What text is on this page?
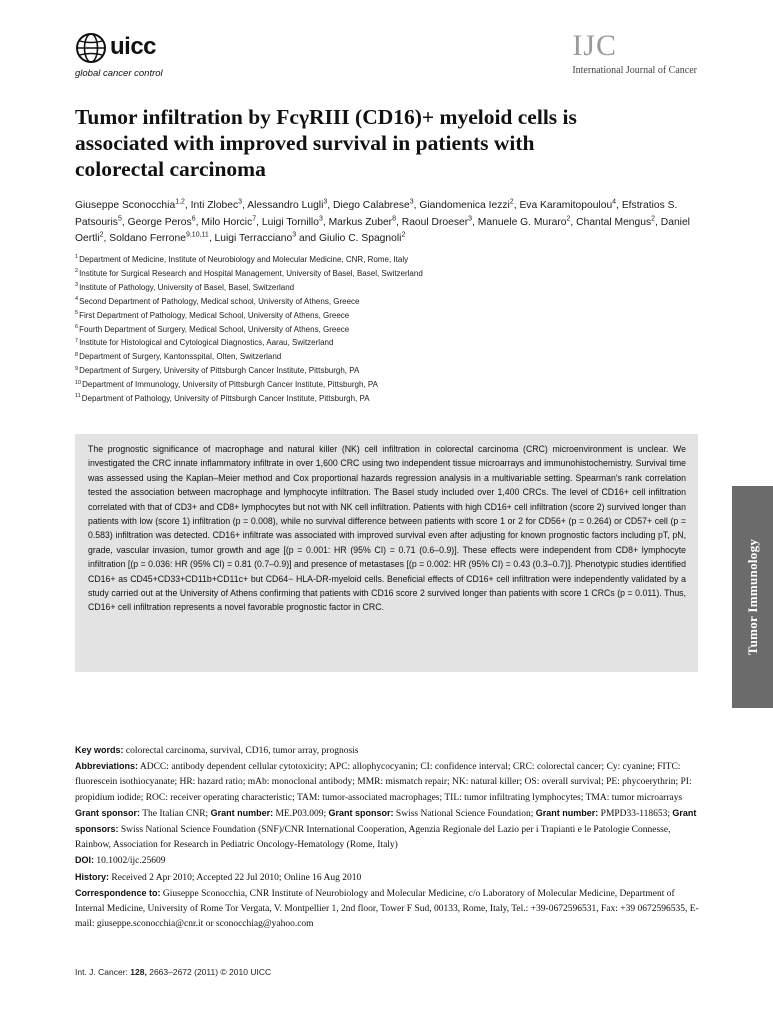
uicc
global cancer control
IJC
International Journal of Cancer
Tumor infiltration by FcγRIII (CD16)+ myeloid cells is
associated with improved survival in patients with
colorectal carcinoma

Giuseppe Sconocchia$^{1,2}$, Inti Zlobec$^3$, Alessandro Lugli$^3$, Diego Calabrese$^3$, Giandomenica Iezzi$^2$, Eva Karamitopoulou$^4$, Efstratios S. Patsouris$^5$, George Peros$^6$, Milo Horcic$^7$, Luigi Tornillo$^3$, Markus Zuber$^8$, Raoul Droeser$^3$, Manuele G. Muraro$^2$, Chantal Mengus$^2$, Daniel Oertli$^2$, Soldano Ferrone$^{9,10,11}$, Luigi Terracciano$^3$ and Giulio C. Spagnoli$^2$

$^1$Department of Medicine, Institute of Neurobiology and Molecular Medicine, CNR, Rome, Italy
$^2$Institute for Surgical Research and Hospital Management, University of Basel, Basel, Switzerland
$^3$Institute of Pathology, University of Basel, Basel, Switzerland
$^4$Second Department of Pathology, Medical school, University of Athens, Greece
$^5$First Department of Pathology, Medical School, University of Athens, Greece
$^6$Fourth Department of Surgery, Medical School, University of Athens, Greece
$^7$Institute for Histological and Cytological Diagnostics, Aarau, Switzerland
$^8$Department of Surgery, Kantonsspital, Olten, Switzerland
$^9$Department of Surgery, University of Pittsburgh Cancer Institute, Pittsburgh, PA
$^{10}$Department of Immunology, University of Pittsburgh Cancer Institute, Pittsburgh, PA
$^{11}$Department of Pathology, University of Pittsburgh Cancer Institute, Pittsburgh, PA

The prognostic significance of macrophage and natural killer (NK) cell infiltration in colorectal carcinoma (CRC) microenvironment is unclear. We investigated the CRC innate inflammatory infiltrate in over 1,600 CRC using two independent tissue microarrays and immunohistochemistry. Survival time was assessed using the Kaplan–Meier method and Cox proportional hazards regression analysis in a multivariable setting. Spearman's rank correlation tested the association between macrophage and lymphocyte infiltration. The Basel study included over 1,400 CRCs. The level of CD16+ cell infiltration correlated with that of CD3+ and CD8+ lymphocytes but not with NK cell infiltration. Patients with high CD16+ cell infiltration (score 2) survived longer than patients with low (score 1) infiltration (p = 0.008), while no survival difference between patients with score 1 or 2 for CD56+ (p = 0.264) or CD57+ cell (p = 0.583) infiltration was detected. CD16+ infiltrate was associated with improved survival even after adjusting for known prognostic factors including pT, pN, grade, vascular invasion, tumor growth and age [(p = 0.001: HR (95% CI) = 0.71 (0.6–0.9)]. These effects were independent from CD8+ lymphocyte infiltration [(p = 0.036: HR (95% CI) = 0.81 (0.7–0.9)] and presence of metastases [(p = 0.002: HR (95% CI) = 0.43 (0.3–0.7)]. Phenotypic studies identified CD16+ as CD45+CD33+CD11b+CD11c+ but CD64− HLA-DR-myeloid cells. Beneficial effects of CD16+ cell infiltration were independently validated by a study carried out at the University of Athens confirming that patients with CD16 score 2 survived longer than patients with score 1 CRCs (p = 0.011). Thus, CD16+ cell infiltration represents a novel favorable prognostic factor in CRC.	Tumor Immunology

Key words: colorectal carcinoma, survival, CD16, tumor array, prognosis

Abbreviations: ADCC: antibody dependent cellular cytotoxicity; APC: allophycocyanin; CI: confidence interval; CRC: colorectal cancer; Cy: cyanine; FITC: fluorescein isothiocyanate; HR: hazard ratio; mAb: monoclonal antibody; MMR: mismatch repair; NK: natural killer; OS: overall survival; PE: phycoerythrin; PI: propidium iodide; ROC: receiver operating characteristic; TAM: tumor-associated macrophages; TIL: tumor infiltrating lymphocytes; TMA: tumor microarrays

Grant sponsor: The Italian CNR; Grant number: ME.P03.009; Grant sponsor: Swiss National Science Foundation; Grant number: PMPD33-118653; Grant sponsors: Swiss National Science Foundation (SNF)/CNR International Cooperation, Agenzia Regionale del Lazio per i Trapianti e le Patologie Connesse, Rainbow, Association for Research in Pediatric Oncology-Hematology (Rome, Italy)

DOI: 10.1002/ijc.25609

History: Received 2 Apr 2010; Accepted 22 Jul 2010; Online 16 Aug 2010

Correspondence to: Giuseppe Sconocchia, CNR Institute of Neurobiology and Molecular Medicine, c/o Laboratory of Molecular Medicine, Department of Internal Medicine, University of Rome Tor Vergata, V. Montpellier 1, 2nd floor, Tower F Sud, 00133, Rome, Italy, Tel.: +39-0672596531, Fax: +39 0672596535, E-mail: giuseppe.sconocchia@cnr.it or sconocchiag@yahoo.com

Int. J. Cancer: 128, 2663–2672 (2011) © 2010 UICC
